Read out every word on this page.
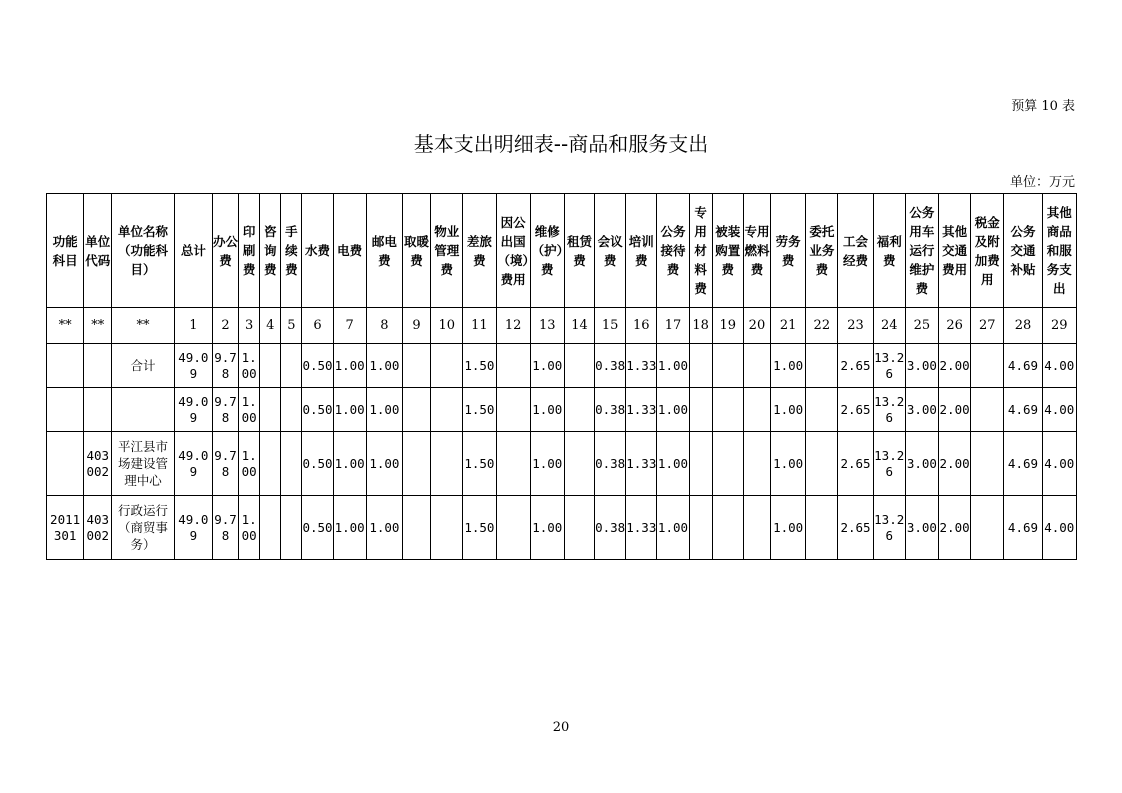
预算 10 表
基本支出明细表--商品和服务支出
单位：万元
功能科目	单位代码	单位名称（功能科目）	总计	办公费	印刷费	咨询费	手续费	水费	电费	邮电费	取暖费	物业管理费	差旅费	因公出国（境）费用	维修（护）费	租赁费	会议费	培训费	公务接待费	专用材料费	被装购置费	专用燃料费	劳务费	委托业务费	工会经费	福利费	公务用车运行维护费	其他交通费用	税金及附加费用	公务交通补贴	其他商品和服务支出
**	**	**	1	2	3	4	5	6	7	8	9	10	11	12	13	14	15	16	17	18	19	20	21	22	23	24	25	26	27	28	29
		合计	49.09	9.78	1.00			0.50	1.00	1.00			1.50		1.00		0.38	1.33	1.00				1.00		2.65	13.26	3.00	2.00		4.69	4.00
			49.09	9.78	1.00			0.50	1.00	1.00			1.50		1.00		0.38	1.33	1.00				1.00		2.65	13.26	3.00	2.00		4.69	4.00
	403002	平江县市场建设管理中心	49.09	9.78	1.00			0.50	1.00	1.00			1.50		1.00		0.38	1.33	1.00				1.00		2.65	13.26	3.00	2.00		4.69	4.00
2011301	403002	行政运行（商贸事务）	49.09	9.78	1.00			0.50	1.00	1.00			1.50		1.00		0.38	1.33	1.00				1.00		2.65	13.26	3.00	2.00		4.69	4.00
20
